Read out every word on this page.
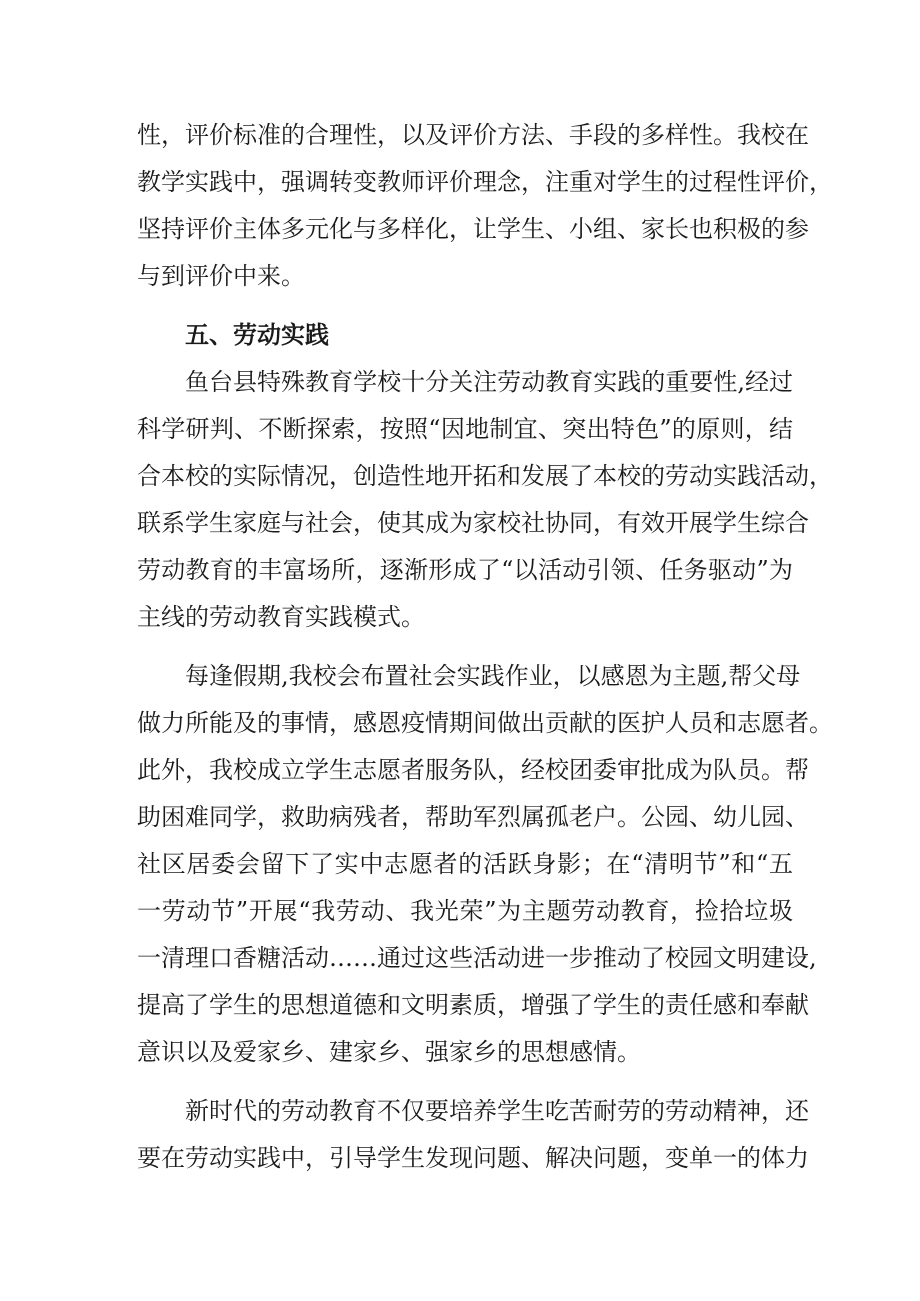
性，评价标准的合理性，以及评价方法、手段的多样性。我校在
教学实践中，强调转变教师评价理念，注重对学生的过程性评价，
坚持评价主体多元化与多样化，让学生、小组、家长也积极的参
与到评价中来。
五、劳动实践
鱼台县特殊教育学校十分关注劳动教育实践的重要性,经过
科学研判、不断探索，按照“因地制宜、突出特色”的原则，结
合本校的实际情况，创造性地开拓和发展了本校的劳动实践活动，
联系学生家庭与社会，使其成为家校社协同，有效开展学生综合
劳动教育的丰富场所，逐渐形成了“以活动引领、任务驱动”为
主线的劳动教育实践模式。
每逢假期,我校会布置社会实践作业，以感恩为主题,帮父母
做力所能及的事情，感恩疫情期间做出贡献的医护人员和志愿者。
此外，我校成立学生志愿者服务队，经校团委审批成为队员。帮
助困难同学，救助病残者，帮助军烈属孤老户。公园、幼儿园、
社区居委会留下了实中志愿者的活跃身影；在“清明节”和“五
一劳动节”开展“我劳动、我光荣”为主题劳动教育，捡拾垃圾
一清理口香糖活动……通过这些活动进一步推动了校园文明建设,
提高了学生的思想道德和文明素质，增强了学生的责任感和奉献
意识以及爱家乡、建家乡、强家乡的思想感情。
新时代的劳动教育不仅要培养学生吃苦耐劳的劳动精神，还
要在劳动实践中，引导学生发现问题、解决问题，变单一的体力
